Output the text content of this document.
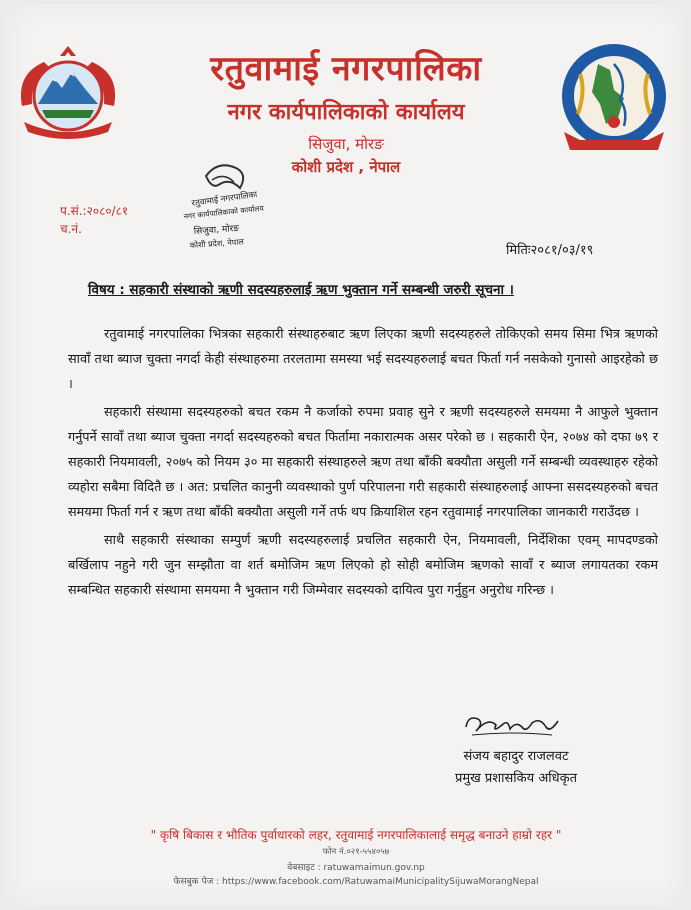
रतुवामाई नगरपालिका
नगर कार्यपालिकाको कार्यालय
सिजुवा, मोरङ
कोशी प्रदेश , नेपाल
प.सं.:२०८०/८१
च.नं.
रतुवामाई नगरपालिका
नगर कार्यपालिकाको कार्यालय
सिजुवा, मोरङ
कोशी प्रदेश, नेपाल	मितिः२०८१/०३/१९
विषय : सहकारी संस्थाको ऋणी सदस्यहरुलाई ऋण भुक्तान गर्ने सम्बन्धी जरुरी सूचना ।

रतुवामाई नगरपालिका भित्रका सहकारी संस्थाहरुबाट ऋण लिएका ऋणी सदस्यहरुले तोकिएको समय सिमा भित्र ऋणको सावाँ तथा ब्याज चुक्ता नगर्दा केही संस्थाहरुमा तरलतामा समस्या भई सदस्यहरुलाई बचत फिर्ता गर्न नसकेको गुनासो आइरहेको छ ।

सहकारी संस्थामा सदस्यहरुको बचत रकम नै कर्जाको रुपमा प्रवाह सुने र ऋणी सदस्यहरुले समयमा नै आफुले भुक्तान गर्नुपर्ने सावाँ तथा ब्याज चुक्ता नगर्दा सदस्यहरुको बचत फिर्तामा नकारात्मक असर परेको छ । सहकारी ऐन, २०७४ को दफा ७९ र सहकारी नियमावली, २०७५ को नियम ३० मा सहकारी संस्थाहरुले ऋण तथा बाँकी बक्यौता असुली गर्ने सम्बन्धी व्यवस्थाहरु रहेको व्यहोरा सबैमा विदितै छ । अत: प्रचलित कानुनी व्यवस्थाको पुर्ण परिपालना गरी सहकारी संस्थाहरुलाई आफ्ना ससदस्यहरुको बचत समयमा फिर्ता गर्न र ऋण तथा बाँकी बक्यौता असुली गर्ने तर्फ थप क्रियाशिल रहन रतुवामाई नगरपालिका जानकारी गराउँदछ ।

साथै सहकारी संस्थाका सम्पुर्ण ऋणी सदस्यहरुलाई प्रचलित सहकारी ऐन, नियमावली, निर्देशिका एवम् मापदण्डको बर्खिलाप नहुने गरी जुन सम्झौता वा शर्त बमोजिम ऋण लिएको हो सोही बमोजिम ऋणको सावाँ र ब्याज लगायतका रकम सम्बन्धित सहकारी संस्थामा समयमा नै भुक्तान गरी जिम्मेवार सदस्यको दायित्व पुरा गर्नुहुन अनुरोध गरिन्छ ।

संजय बहादुर राजलवट
प्रमुख प्रशासकिय अधिकृत
" कृषि बिकास र भौतिक पुर्वाधारको लहर, रतुवामाई नगरपालिकालाई समृद्ध बनाउने हाम्रो रहर "
फोन नं.०२१-५५४०५७
वेबसाइट : ratuwamaimun.gov.np
फेसबुक पेज : https://www.facebook.com/RatuwamaiMunicipalitySijuwaMorangNepal
